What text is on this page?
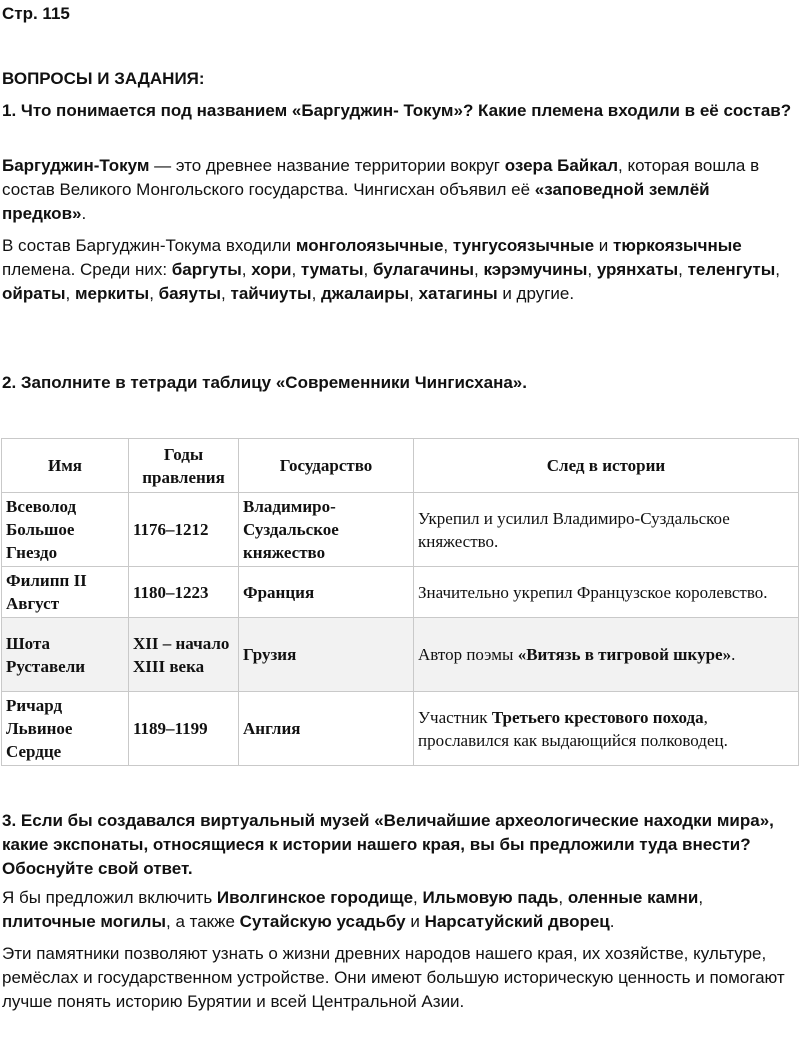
Стр. 115
ВОПРОСЫ И ЗАДАНИЯ:
1. Что понимается под названием «Баргуджин- Токум»? Какие племена входили в её состав?
Баргуджин-Токум — это древнее название территории вокруг озера Байкал, которая вошла в состав Великого Монгольского государства. Чингисхан объявил её «заповедной землёй предков».
В состав Баргуджин-Токума входили монголоязычные, тунгусоязычные и тюркоязычные племена. Среди них: баргуты, хори, туматы, булагачины, кэрэмучины, урянхаты, теленгуты, ойраты, меркиты, баяуты, тайчиуты, джалаиры, хатагины и другие.
2. Заполните в тетради таблицу «Современники Чингисхана».
Имя	Годы правления	Государство	След в истории
Всеволод Большое Гнездо	1176–1212	Владимиро-Суздальское княжество	Укрепил и усилил Владимиро-Суздальское княжество.
Филипп II Август	1180–1223	Франция	Значительно укрепил Французское королевство.
Шота Руставели	XII – начало XIII века	Грузия	Автор поэмы «Витязь в тигровой шкуре».
Ричард Львиное Сердце	1189–1199	Англия	Участник Третьего крестового похода, прославился как выдающийся полководец.
3. Если бы создавался виртуальный музей «Величайшие археологические находки мира», какие экспонаты, относящиеся к истории нашего края, вы бы предложили туда внести? Обоснуйте свой ответ.
Я бы предложил включить Иволгинское городище, Ильмовую падь, оленные камни, плиточные могилы, а также Сутайскую усадьбу и Нарсатуйский дворец.
Эти памятники позволяют узнать о жизни древних народов нашего края, их хозяйстве, культуре, ремёслах и государственном устройстве. Они имеют большую историческую ценность и помогают лучше понять историю Бурятии и всей Центральной Азии.
